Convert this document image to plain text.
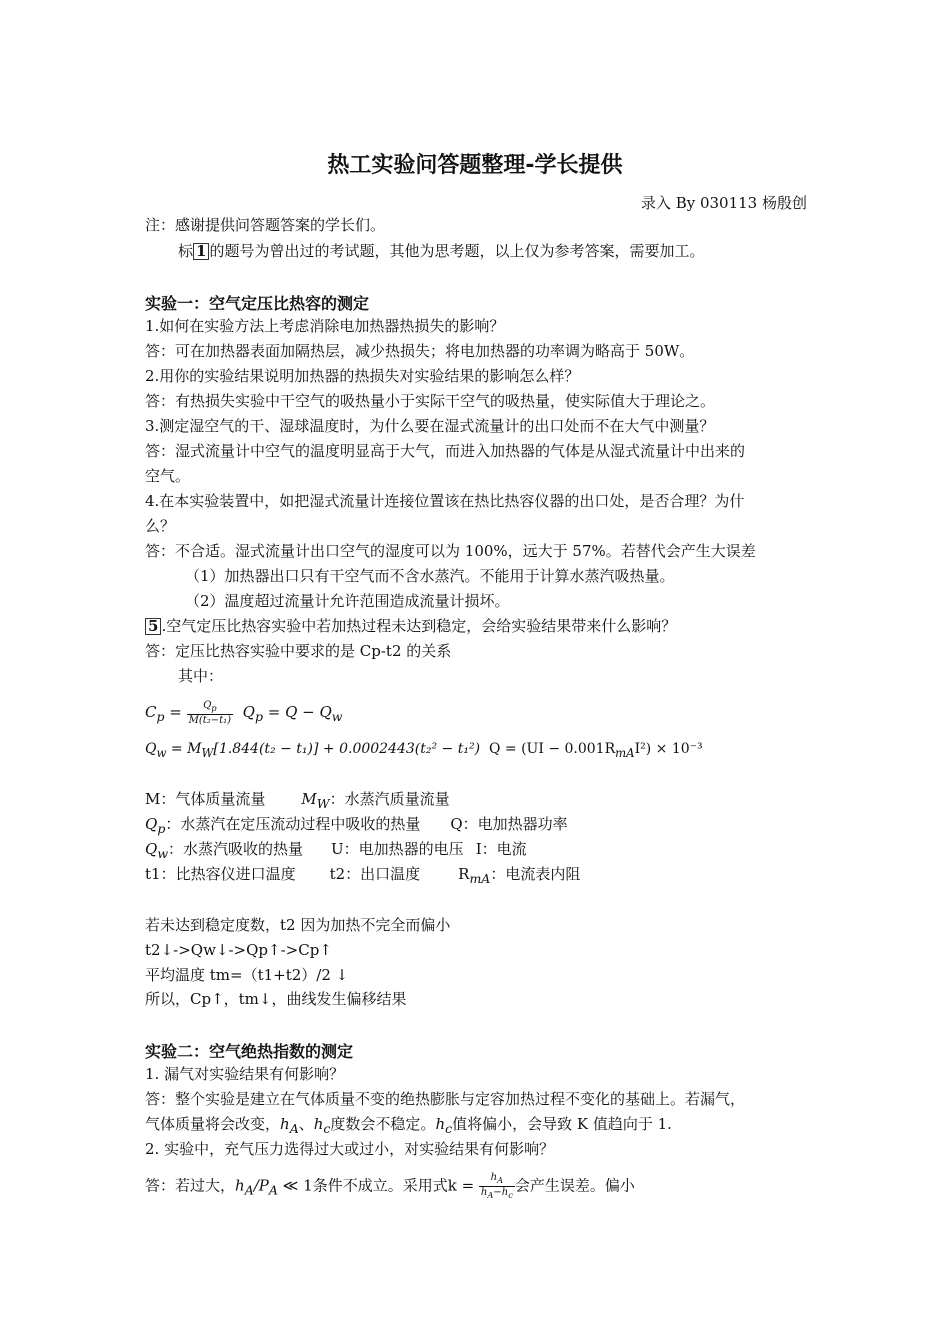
热工实验问答题整理-学长提供
录入 By 030113 杨殷创
注：感谢提供问答题答案的学长们。
标 1 的题号为曾出过的考试题，其他为思考题，以上仅为参考答案，需要加工。
实验一：空气定压比热容的测定
1.如何在实验方法上考虑消除电加热器热损失的影响？
答：可在加热器表面加隔热层，减少热损失；将电加热器的功率调为略高于 50W。
2.用你的实验结果说明加热器的热损失对实验结果的影响怎么样？
答：有热损失实验中干空气的吸热量小于实际干空气的吸热量，使实际值大于理论之。
3.测定湿空气的干、湿球温度时，为什么要在湿式流量计的出口处而不在大气中测量？
答：湿式流量计中空气的温度明显高于大气，而进入加热器的气体是从湿式流量计中出来的
空气。
4.在本实验装置中，如把湿式流量计连接位置该在热比热容仪器的出口处，是否合理？为什
么？
答：不合适。湿式流量计出口空气的湿度可以为 100%，远大于 57%。若替代会产生大误差
（1）加热器出口只有干空气而不含水蒸汽。不能用于计算水蒸汽吸热量。
（2）温度超过流量计允许范围造成流量计损坏。
5 .空气定压比热容实验中若加热过程未达到稳定，会给实验结果带来什么影响？
答：定压比热容实验中要求的是 Cp-t2 的关系
其中：
$C_p = \frac{Q_p}{\text{M(t₂−t₁)}} Q_p = Q - Q_w$
$Q_w = M_W[1.844(t_2 - t_1)] + 0.0002443(t_2^2 - t_1^2) Q = (UI - 0.001R_{mA}I^2) \times 10^{-3}$
M：气体质量流量 $M_W$：水蒸汽质量流量
$Q_p$：水蒸汽在定压流动过程中吸收的热量 Q：电加热器功率
$Q_w$：水蒸汽吸收的热量 U：电加热器的电压 I：电流
t1：比热容仪进口温度 t2：出口温度	$R_{mA}$：电流表内阻
若未达到稳定度数，t2 因为加热不完全而偏小
t2↓->Qw↓->Qp↑->Cp↑
平均温度 tm=（t1+t2）/2 ↓
所以，Cp↑，tm↓，曲线发生偏移结果
实验二：空气绝热指数的测定
1. 漏气对实验结果有何影响？
答：整个实验是建立在气体质量不变的绝热膨胀与定容加热过程不变化的基础上。若漏气，
气体质量将会改变，$h_A$、$h_c$度数会不稳定。$h_c$值将偏小，会导致 K 值趋向于 1.
2. 实验中，充气压力选得过大或过小，对实验结果有何影响？
答：若过大，$h_A/P_A$ ≪ 1条件不成立。采用式$k = \frac{h_A}{h_A-h_c}$ 会产生误差。偏小
